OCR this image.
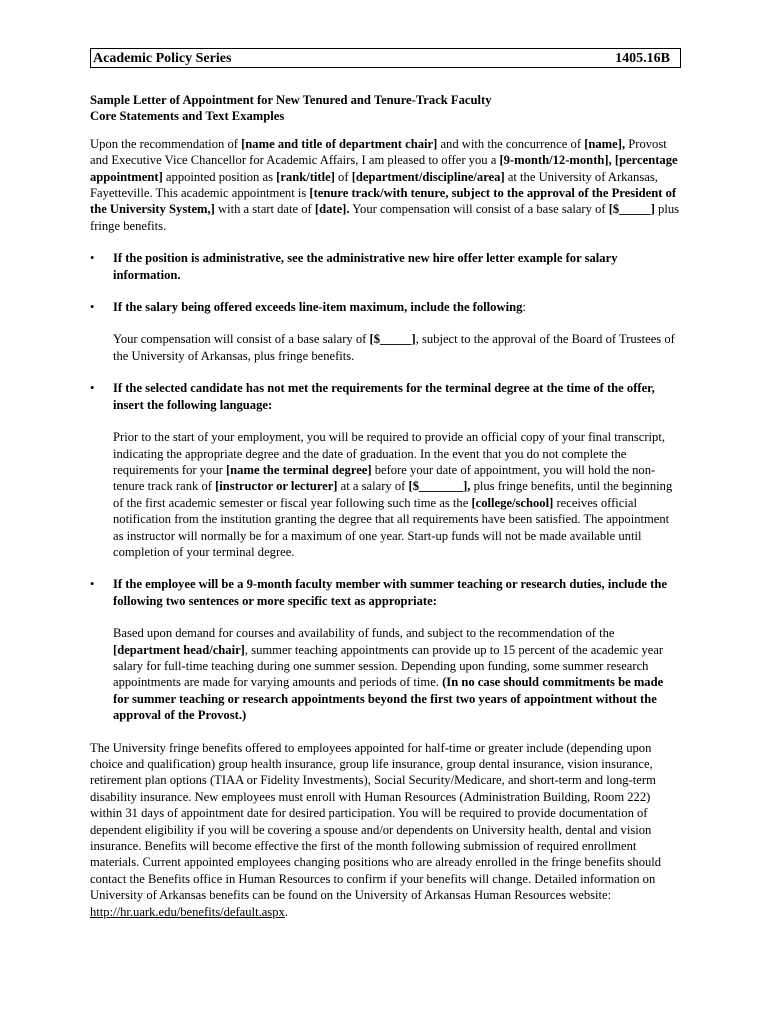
Academic Policy Series	1405.16B

Sample Letter of Appointment for New Tenured and Tenure-Track Faculty

Core Statements and Text Examples

Upon the recommendation of [name and title of department chair] and with the concurrence of [name], Provost and Executive Vice Chancellor for Academic Affairs, I am pleased to offer you a [9-month/12-month], [percentage appointment] appointed position as [rank/title] of [department/discipline/area] at the University of Arkansas, Fayetteville. This academic appointment is [tenure track/with tenure, subject to the approval of the President of the University System,] with a start date of [date]. Your compensation will consist of a base salary of [$_____] plus fringe benefits.

• If the position is administrative, see the administrative new hire offer letter example for salary information.

• If the salary being offered exceeds line-item maximum, include the following:

Your compensation will consist of a base salary of [$_____], subject to the approval of the Board of Trustees of the University of Arkansas, plus fringe benefits.

• If the selected candidate has not met the requirements for the terminal degree at the time of the offer, insert the following language:

Prior to the start of your employment, you will be required to provide an official copy of your final transcript, indicating the appropriate degree and the date of graduation. In the event that you do not complete the requirements for your [name the terminal degree] before your date of appointment, you will hold the non-tenure track rank of [instructor or lecturer] at a salary of [$_______], plus fringe benefits, until the beginning of the first academic semester or fiscal year following such time as the [college/school] receives official notification from the institution granting the degree that all requirements have been satisfied. The appointment as instructor will normally be for a maximum of one year. Start-up funds will not be made available until completion of your terminal degree.

• If the employee will be a 9-month faculty member with summer teaching or research duties, include the following two sentences or more specific text as appropriate:

Based upon demand for courses and availability of funds, and subject to the recommendation of the [department head/chair], summer teaching appointments can provide up to 15 percent of the academic year salary for full-time teaching during one summer session. Depending upon funding, some summer research appointments are made for varying amounts and periods of time. (In no case should commitments be made for summer teaching or research appointments beyond the first two years of appointment without the approval of the Provost.)

The University fringe benefits offered to employees appointed for half-time or greater include (depending upon choice and qualification) group health insurance, group life insurance, group dental insurance, vision insurance, retirement plan options (TIAA or Fidelity Investments), Social Security/Medicare, and short-term and long-term disability insurance. New employees must enroll with Human Resources (Administration Building, Room 222) within 31 days of appointment date for desired participation. You will be required to provide documentation of dependent eligibility if you will be covering a spouse and/or dependents on University health, dental and vision insurance. Benefits will become effective the first of the month following submission of required enrollment materials. Current appointed employees changing positions who are already enrolled in the fringe benefits should contact the Benefits office in Human Resources to confirm if your benefits will change. Detailed information on University of Arkansas benefits can be found on the University of Arkansas Human Resources website:
http://hr.uark.edu/benefits/default.aspx.
